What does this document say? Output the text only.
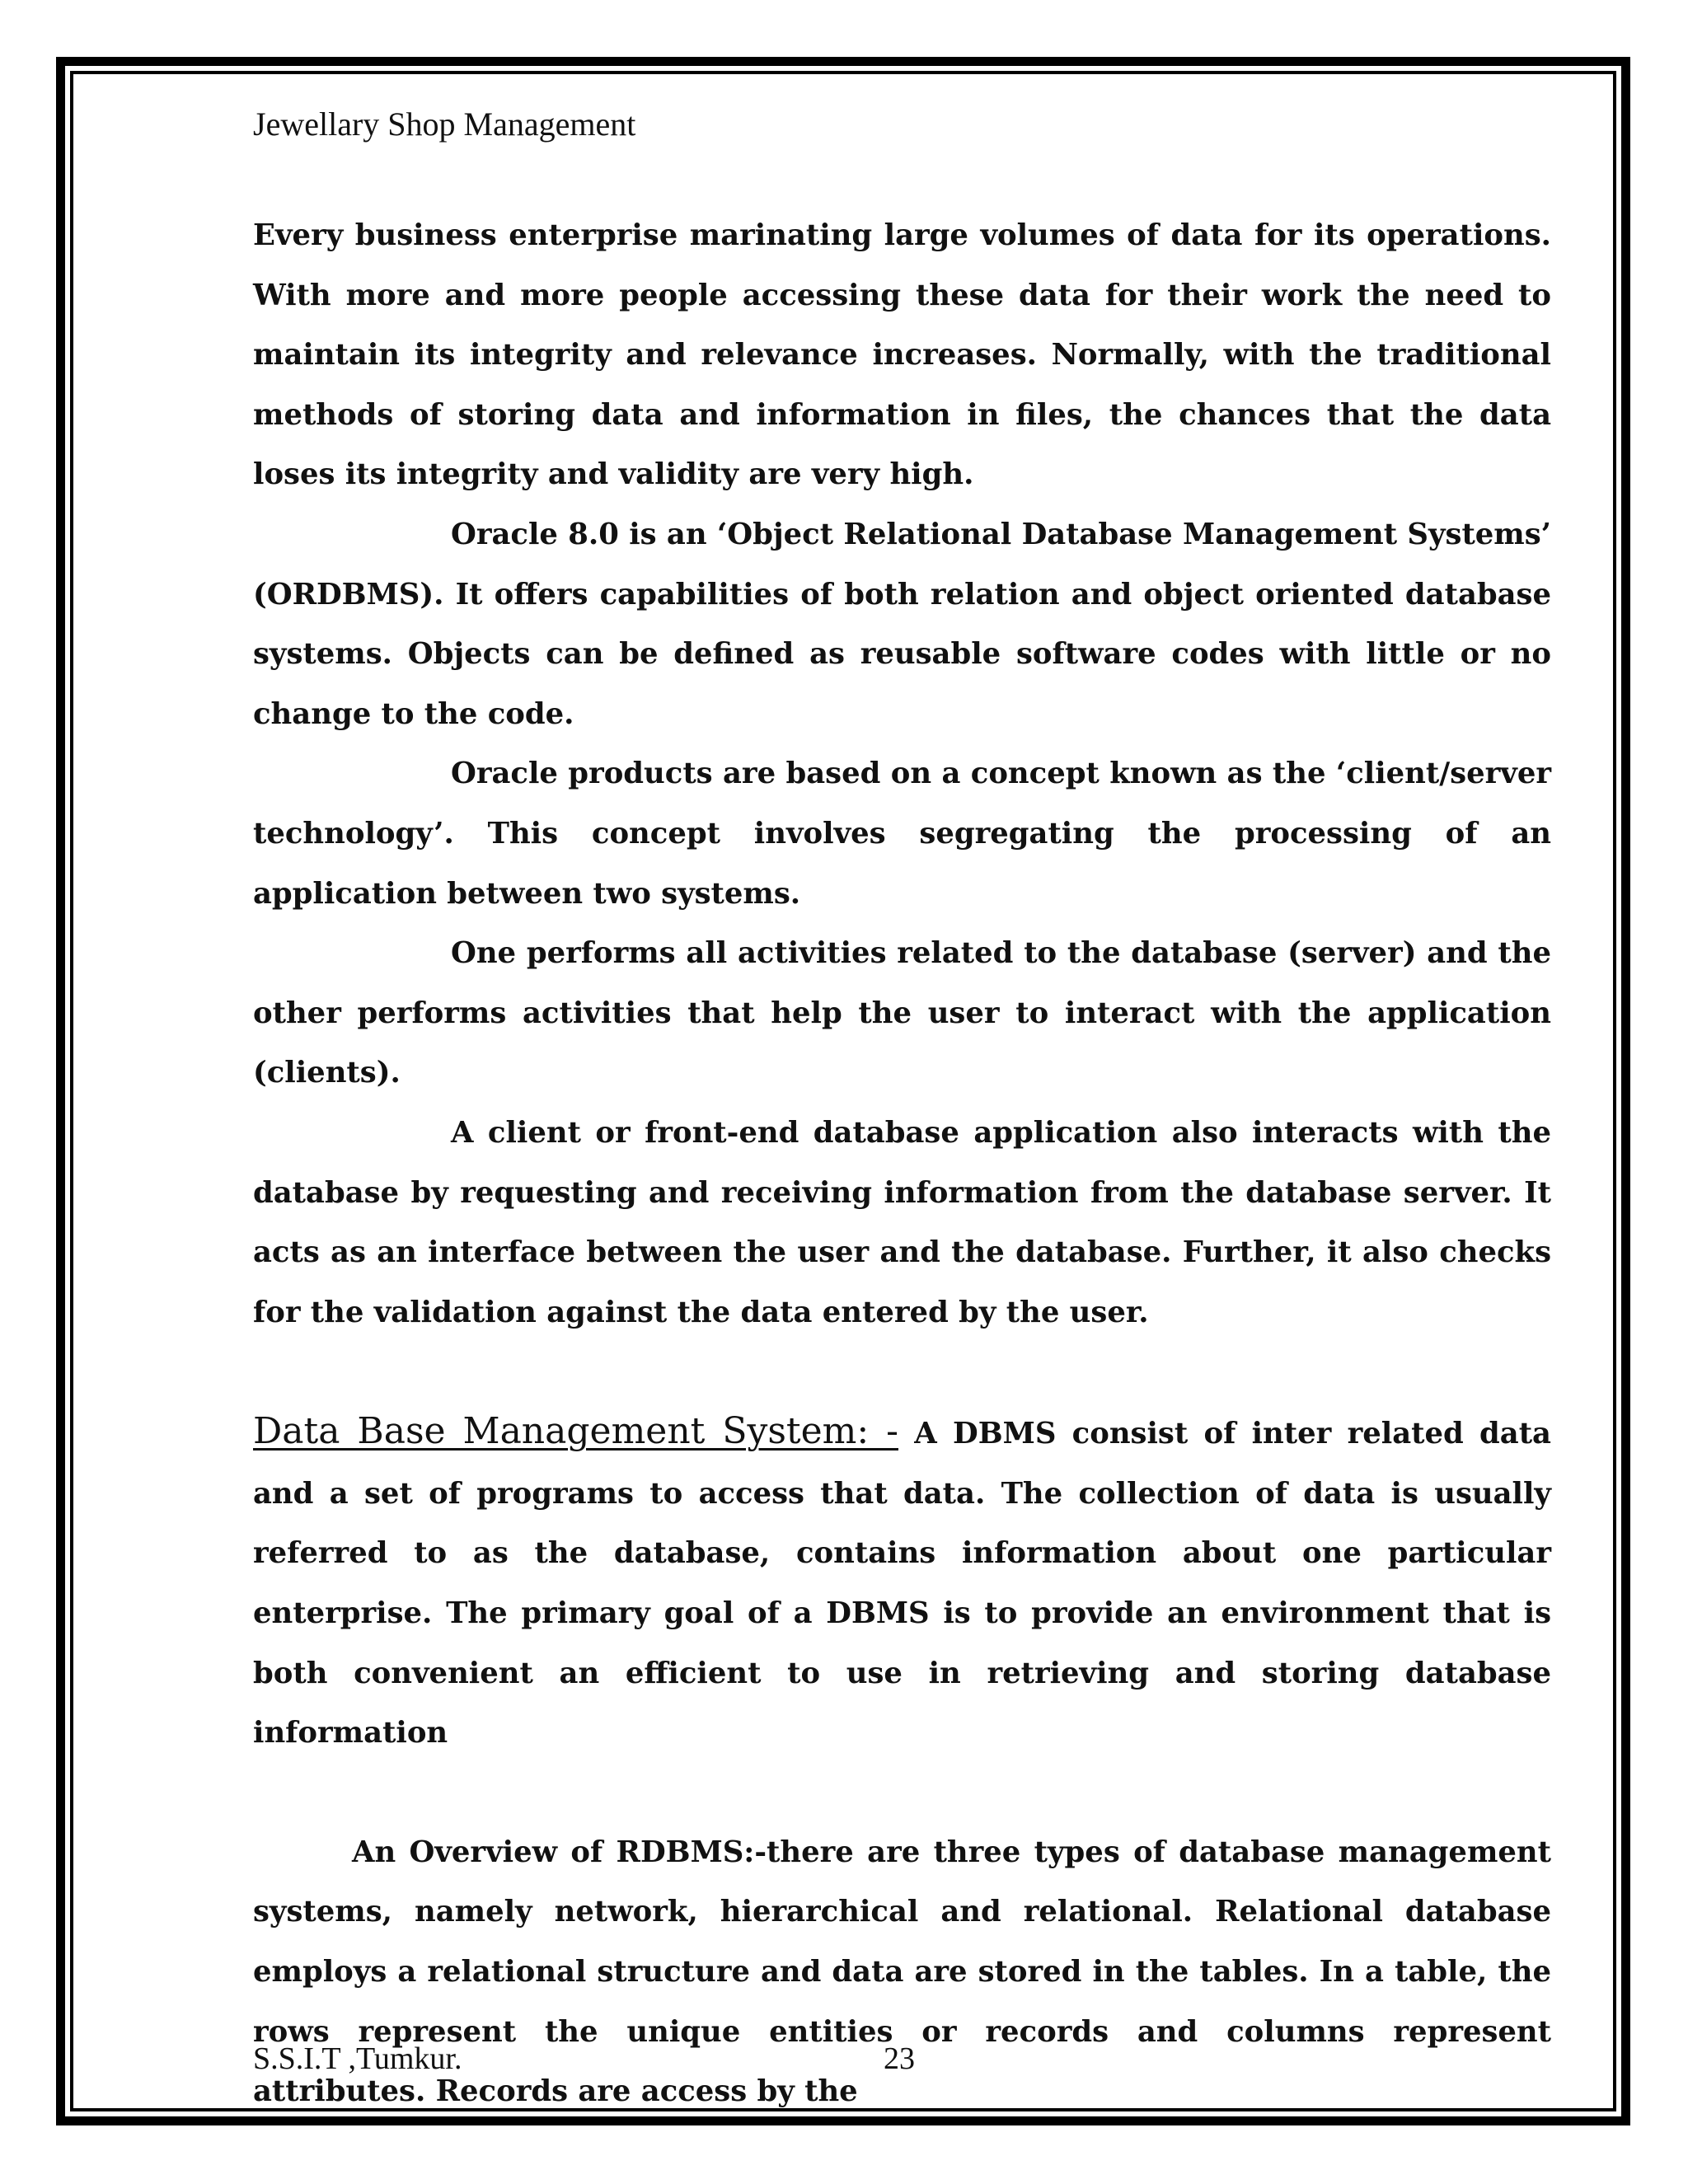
Jewellary Shop Management

Every business enterprise marinating large volumes of data for its operations. With more and more people accessing these data for their work the need to maintain its integrity and relevance increases. Normally, with the traditional methods of storing data and information in files, the chances that the data loses its integrity and validity are very high.

Oracle 8.0 is an ‘Object Relational Database Management Systems’ (ORDBMS). It offers capabilities of both relation and object oriented database systems. Objects can be defined as reusable software codes with little or no change to the code.

Oracle products are based on a concept known as the ‘client/server technology’. This concept involves segregating the processing of an application between two systems.

One performs all activities related to the database (server) and the other performs activities that help the user to interact with the application (clients).

A client or front-end database application also interacts with the database by requesting and receiving information from the database server. It acts as an interface between the user and the database. Further, it also checks for the validation against the data entered by the user.

Data Base Management System: - A DBMS consist of inter related data and a set of programs to access that data. The collection of data is usually referred to as the database, contains information about one particular enterprise. The primary goal of a DBMS is to provide an environment that is both convenient an efficient to use in retrieving and storing database information

An Overview of RDBMS:-there are three types of database management systems, namely network, hierarchical and relational. Relational database employs a relational structure and data are stored in the tables. In a table, the rows represent the unique entities or records and columns represent attributes. Records are access by the

S.S.I.T ,Tumkur.	23
